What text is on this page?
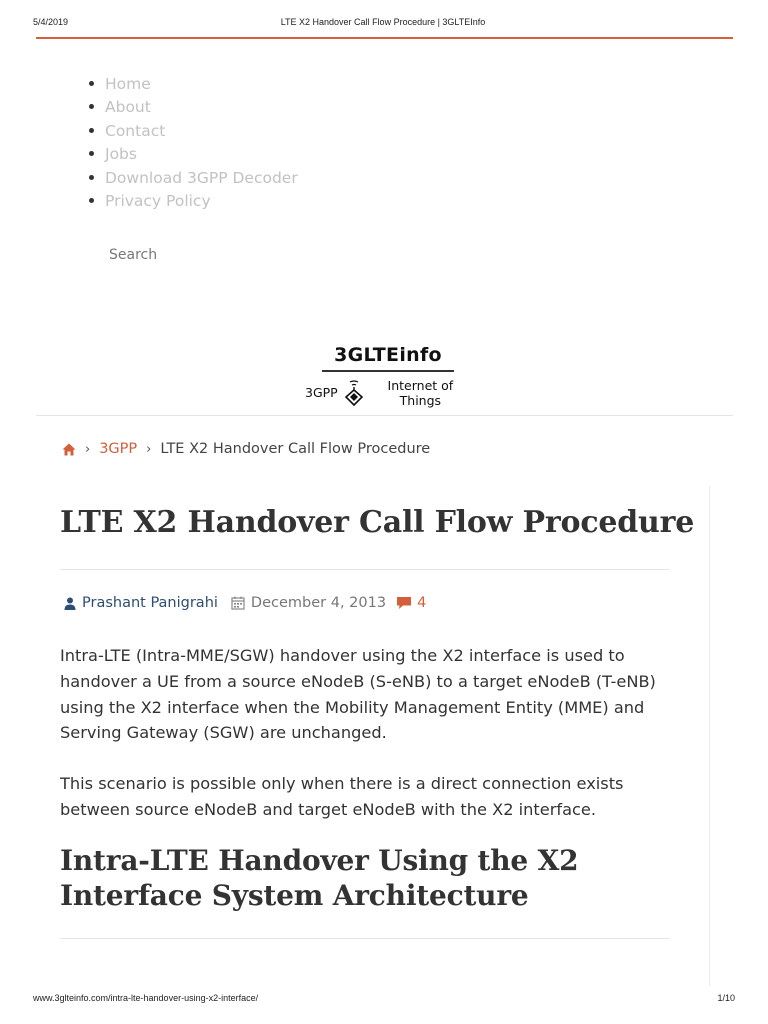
5/4/2019	LTE X2 Handover Call Flow Procedure | 3GLTEInfo
Home
About
Contact
Jobs
Download 3GPP Decoder
Privacy Policy
Search
3GLTEinfo
3GPP	Internet of Things
› 3GPP › LTE X2 Handover Call Flow Procedure
LTE X2 Handover Call Flow Procedure
Prashant Panigrahi December 4, 2013 4

Intra-LTE (Intra-MME/SGW) handover using the X2 interface is used to handover a UE from a source eNodeB (S-eNB) to a target eNodeB (T-eNB) using the X2 interface when the Mobility Management Entity (MME) and Serving Gateway (SGW) are unchanged.

This scenario is possible only when there is a direct connection exists between source eNodeB and target eNodeB with the X2 interface.

Intra-LTE Handover Using the X2 Interface System Architecture
www.3glteinfo.com/intra-lte-handover-using-x2-interface/	1/10
